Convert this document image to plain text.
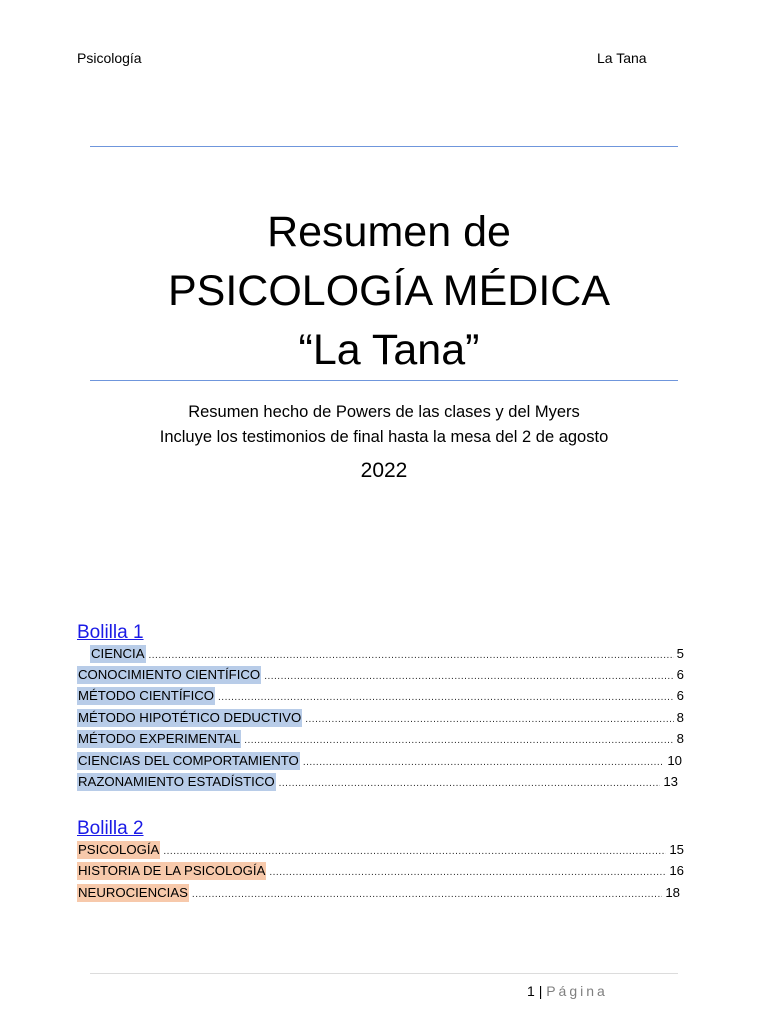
Psicología	La Tana
Resumen de
PSICOLOGÍA MÉDICA
“La Tana”
Resumen hecho de Powers de las clases y del Myers
Incluye los testimonios de final hasta la mesa del 2 de agosto
2022
Bolilla 1
CIENCIA .....	5
CONOCIMIENTO CIENTÍFICO .....	6
MÉTODO CIENTÍFICO .....	6
MÉTODO HIPOTÉTICO DEDUCTIVO .....	8
MÉTODO EXPERIMENTAL .....	8
CIENCIAS DEL COMPORTAMIENTO .....	10
RAZONAMIENTO ESTADÍSTICO .....	13
Bolilla 2
PSICOLOGÍA .....	15
HISTORIA DE LA PSICOLOGÍA .....	16
NEUROCIENCIAS .....	18
1 | Página
